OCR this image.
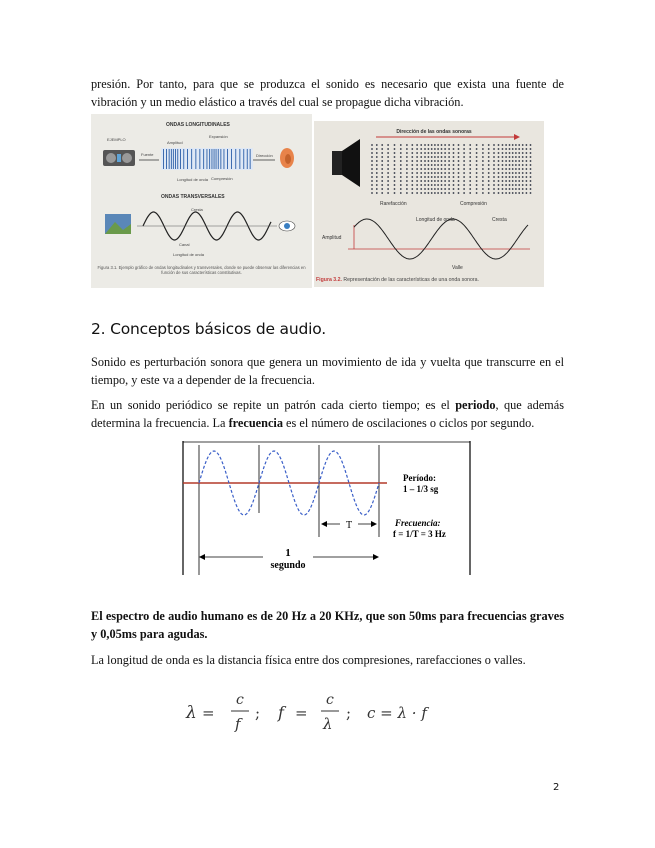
presión. Por tanto, para que se produzca el sonido es necesario que exista una fuente de vibración y un medio elástico a través del cual se propague dicha vibración.

ONDAS LONGITUDINALES
EJEMPLO
Expansión
Amplitud
Fuente	Dirección
Compresión
Longitud de onda
ONDAS TRANSVERSALES
Cresta
Canal
Longitud de onda
Figura 3.1. Ejemplo gráfico de ondas longitudinales y transversales, donde se puede observar las diferencias en función de sus características constitutivas.
Dirección de las ondas sonoras
Rarefacción	Compresión
Longitud de onda	Cresta
Amplitud
Valle
Figura 3.2. Representación de las características de una onda sonora.
2. Conceptos básicos de audio.

Sonido es perturbación sonora que genera un movimiento de ida y vuelta que transcurre en el tiempo, y este va a depender de la frecuencia.

En un sonido periódico se repite un patrón cada cierto tiempo; es el periodo, que además determina la frecuencia. La frecuencia es el número de oscilaciones o ciclos por segundo.

Período:
1 – 1/3 sg
T	Frecuencia:
f = 1/T = 3 Hz
1
segundo

El espectro de audio humano es de 20 Hz a 20 KHz, que son 50ms para frecuencias graves y 0,05ms para agudas.

La longitud de onda es la distancia física entre dos compresiones, rarefacciones o valles.

λ =
c
f
; f =
c
λ
; c = λ · f

2
